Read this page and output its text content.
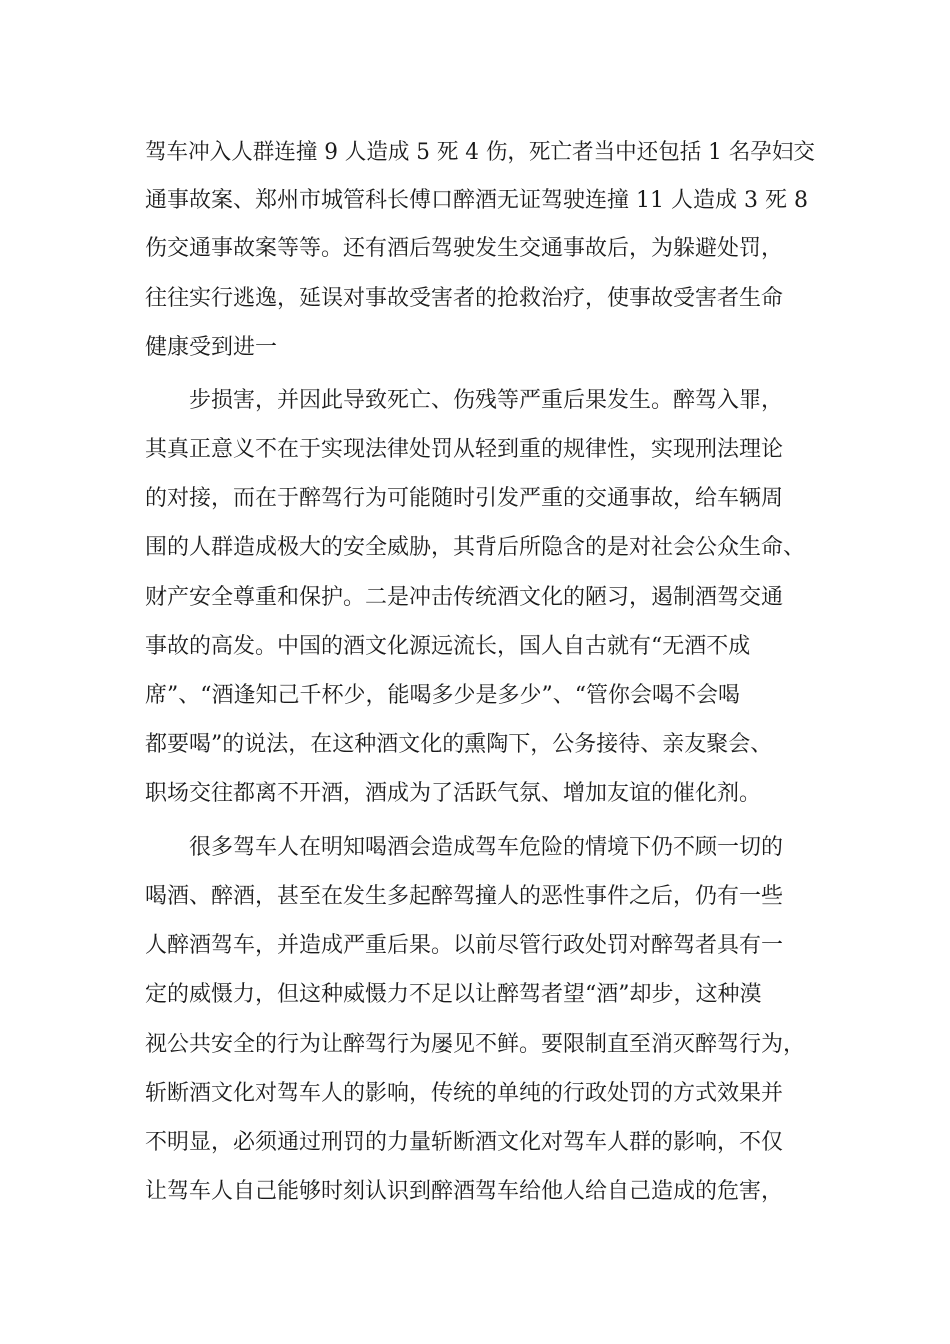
驾车冲入人群连撞 9 人造成 5 死 4 伤，死亡者当中还包括 1 名孕妇交
通事故案、郑州市城管科长傅口醉酒无证驾驶连撞 11 人造成 3 死 8
伤交通事故案等等。还有酒后驾驶发生交通事故后，为躲避处罚，
往往实行逃逸，延误对事故受害者的抢救治疗，使事故受害者生命
健康受到进一
步损害，并因此导致死亡、伤残等严重后果发生。醉驾入罪，
其真正意义不在于实现法律处罚从轻到重的规律性，实现刑法理论
的对接，而在于醉驾行为可能随时引发严重的交通事故，给车辆周
围的人群造成极大的安全威胁，其背后所隐含的是对社会公众生命、
财产安全尊重和保护。二是冲击传统酒文化的陋习，遏制酒驾交通
事故的高发。中国的酒文化源远流长，国人自古就有“无酒不成
席”、“酒逢知己千杯少，能喝多少是多少”、“管你会喝不会喝
都要喝”的说法，在这种酒文化的熏陶下，公务接待、亲友聚会、
职场交往都离不开酒，酒成为了活跃气氛、增加友谊的催化剂。
很多驾车人在明知喝酒会造成驾车危险的情境下仍不顾一切的
喝酒、醉酒，甚至在发生多起醉驾撞人的恶性事件之后，仍有一些
人醉酒驾车，并造成严重后果。以前尽管行政处罚对醉驾者具有一
定的威慑力，但这种威慑力不足以让醉驾者望“酒”却步，这种漠
视公共安全的行为让醉驾行为屡见不鲜。要限制直至消灭醉驾行为，
斩断酒文化对驾车人的影响，传统的单纯的行政处罚的方式效果并
不明显，必须通过刑罚的力量斩断酒文化对驾车人群的影响，不仅
让驾车人自己能够时刻认识到醉酒驾车给他人给自己造成的危害，
